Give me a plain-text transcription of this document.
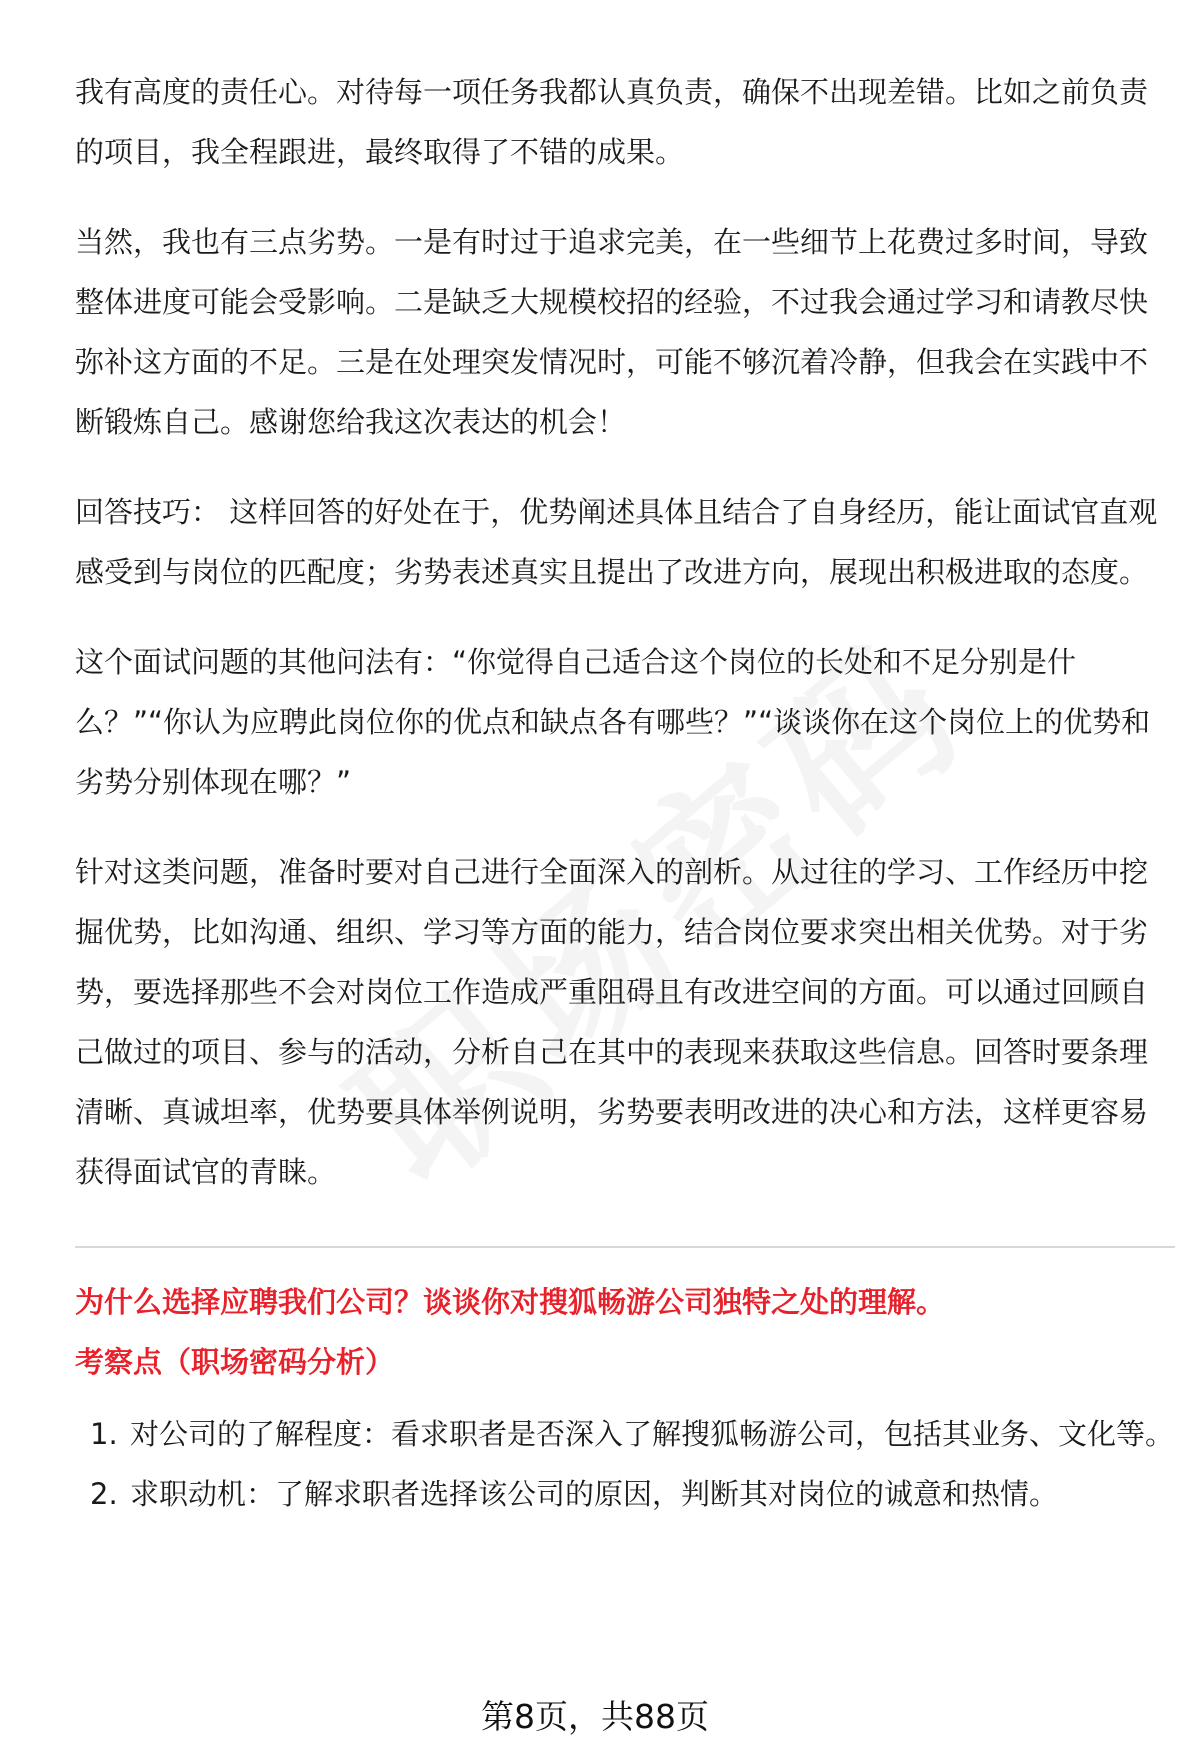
我有高度的责任心。对待每一项任务我都认真负责，确保不出现差错。比如之前负责的项目，我全程跟进，最终取得了不错的成果。

当然，我也有三点劣势。一是有时过于追求完美，在一些细节上花费过多时间，导致整体进度可能会受影响。二是缺乏大规模校招的经验，不过我会通过学习和请教尽快弥补这方面的不足。三是在处理突发情况时，可能不够沉着冷静，但我会在实践中不断锻炼自己。感谢您给我这次表达的机会！

回答技巧： 这样回答的好处在于，优势阐述具体且结合了自身经历，能让面试官直观感受到与岗位的匹配度；劣势表述真实且提出了改进方向，展现出积极进取的态度。

这个面试问题的其他问法有：“你觉得自己适合这个岗位的长处和不足分别是什么？”“你认为应聘此岗位你的优点和缺点各有哪些？”“谈谈你在这个岗位上的优势和劣势分别体现在哪？”

针对这类问题，准备时要对自己进行全面深入的剖析。从过往的学习、工作经历中挖掘优势，比如沟通、组织、学习等方面的能力，结合岗位要求突出相关优势。对于劣势，要选择那些不会对岗位工作造成严重阻碍且有改进空间的方面。可以通过回顾自己做过的项目、参与的活动，分析自己在其中的表现来获取这些信息。回答时要条理清晰、真诚坦率，优势要具体举例说明，劣势要表明改进的决心和方法，这样更容易获得面试官的青睐。

为什么选择应聘我们公司？谈谈你对搜狐畅游公司独特之处的理解。

考察点（职场密码分析）

1. 对公司的了解程度：看求职者是否深入了解搜狐畅游公司，包括其业务、文化等。
2. 求职动机：了解求职者选择该公司的原因，判断其对岗位的诚意和热情。
第8页，共88页
